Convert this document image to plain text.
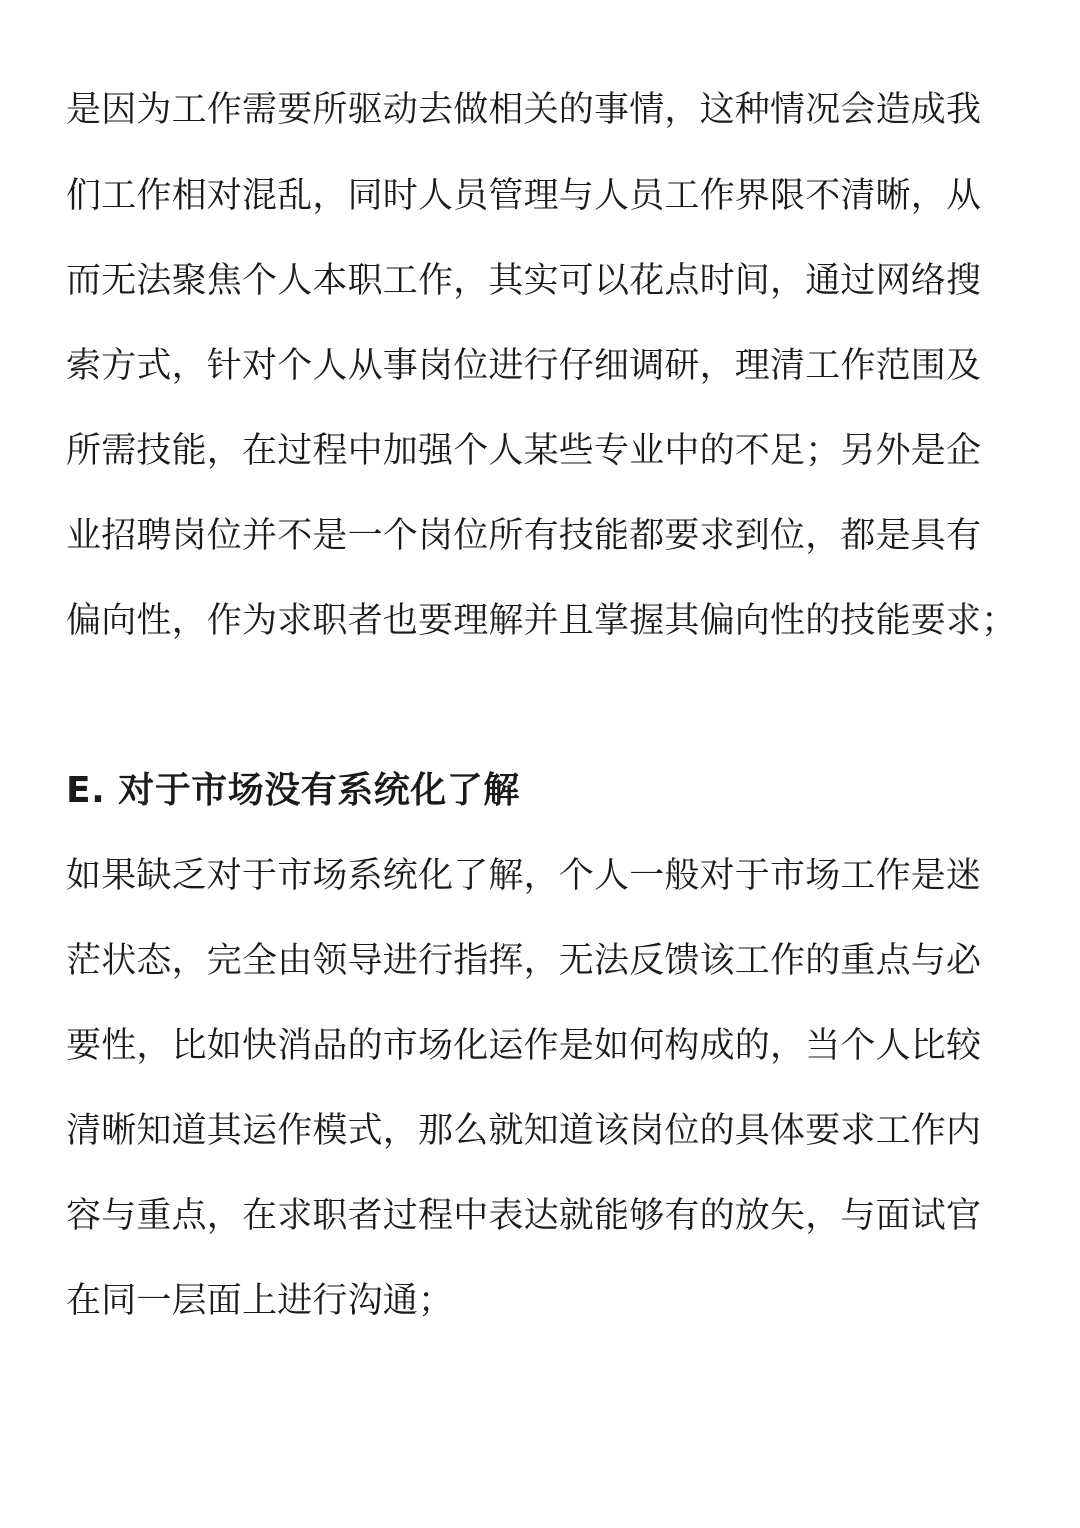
是因为工作需要所驱动去做相关的事情，这种情况会造成我
们工作相对混乱，同时人员管理与人员工作界限不清晰，从
而无法聚焦个人本职工作，其实可以花点时间，通过网络搜
索方式，针对个人从事岗位进行仔细调研，理清工作范围及
所需技能，在过程中加强个人某些专业中的不足；另外是企
业招聘岗位并不是一个岗位所有技能都要求到位，都是具有
偏向性，作为求职者也要理解并且掌握其偏向性的技能要求；
E. 对于市场没有系统化了解
如果缺乏对于市场系统化了解，个人一般对于市场工作是迷
茫状态，完全由领导进行指挥，无法反馈该工作的重点与必
要性，比如快消品的市场化运作是如何构成的，当个人比较
清晰知道其运作模式，那么就知道该岗位的具体要求工作内
容与重点，在求职者过程中表达就能够有的放矢，与面试官
在同一层面上进行沟通；
